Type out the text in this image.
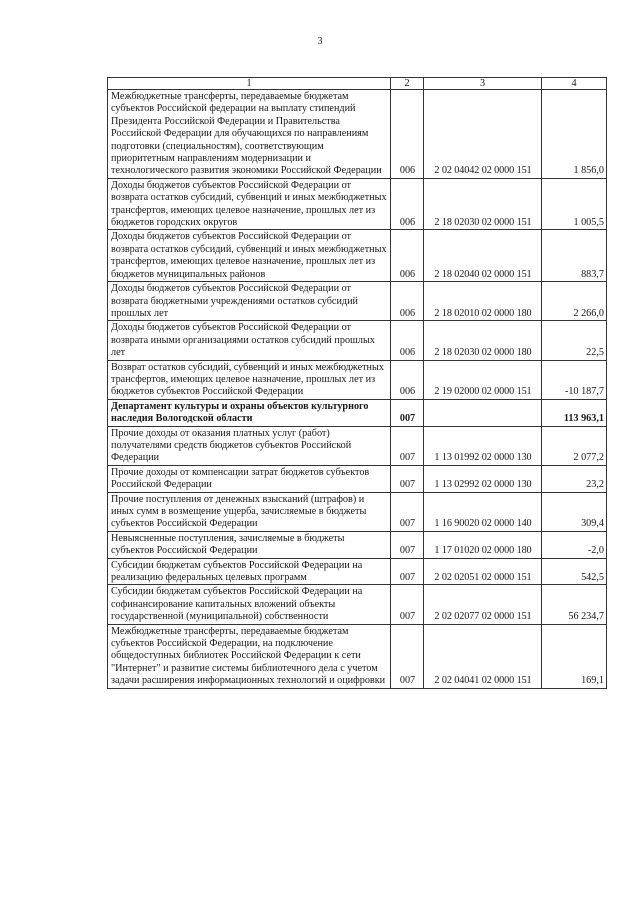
3
1	2	3	4
Межбюджетные трансферты, передаваемые бюджетам субъектов Российской федерации на выплату стипендий Президента Российской Федерации и Правительства Российской Федерации для обучающихся по направлениям подготовки (специальностям), соответствующим приоритетным направлениям модернизации и технологического развития экономики Российской Федерации	006	2 02 04042 02 0000 151	1 856,0
Доходы бюджетов субъектов Российской Федерации от возврата остатков субсидий, субвенций и иных межбюджетных трансфертов, имеющих целевое назначение, прошлых лет из бюджетов городских округов	006	2 18 02030 02 0000 151	1 005,5
Доходы бюджетов субъектов Российской Федерации от возврата остатков субсидий, субвенций и иных межбюджетных трансфертов, имеющих целевое назначение, прошлых лет из бюджетов муниципальных районов	006	2 18 02040 02 0000 151	883,7
Доходы бюджетов субъектов Российской Федерации от возврата бюджетными учреждениями остатков субсидий прошлых лет	006	2 18 02010 02 0000 180	2 266,0
Доходы бюджетов субъектов Российской Федерации от возврата иными организациями остатков субсидий прошлых лет	006	2 18 02030 02 0000 180	22,5
Возврат остатков субсидий, субвенций и иных межбюджетных трансфертов, имеющих целевое назначение, прошлых лет из бюджетов субъектов Российской Федерации	006	2 19 02000 02 0000 151	-10 187,7
Департамент культуры и охраны объектов культурного наследия Вологодской области	007		113 963,1
Прочие доходы от оказания платных услуг (работ) получателями средств бюджетов субъектов Российской Федерации	007	1 13 01992 02 0000 130	2 077,2
Прочие доходы от компенсации затрат бюджетов субъектов Российской Федерации	007	1 13 02992 02 0000 130	23,2
Прочие поступления от денежных взысканий (штрафов) и иных сумм в возмещение ущерба, зачисляемые в бюджеты субъектов Российской Федерации	007	1 16 90020 02 0000 140	309,4
Невыясненные поступления, зачисляемые в бюджеты субъектов Российской Федерации	007	1 17 01020 02 0000 180	-2,0
Субсидии бюджетам субъектов Российской Федерации на реализацию федеральных целевых программ	007	2 02 02051 02 0000 151	542,5
Субсидии бюджетам субъектов Российской Федерации на софинансирование капитальных вложений объекты государственной (муниципальной) собственности	007	2 02 02077 02 0000 151	56 234,7
Межбюджетные трансферты, передаваемые бюджетам субъектов Российской Федерации, на подключение общедоступных библиотек Российской Федерации к сети "Интернет" и развитие системы библиотечного дела с учетом задачи расширения информационных технологий и оцифровки	007	2 02 04041 02 0000 151	169,1
